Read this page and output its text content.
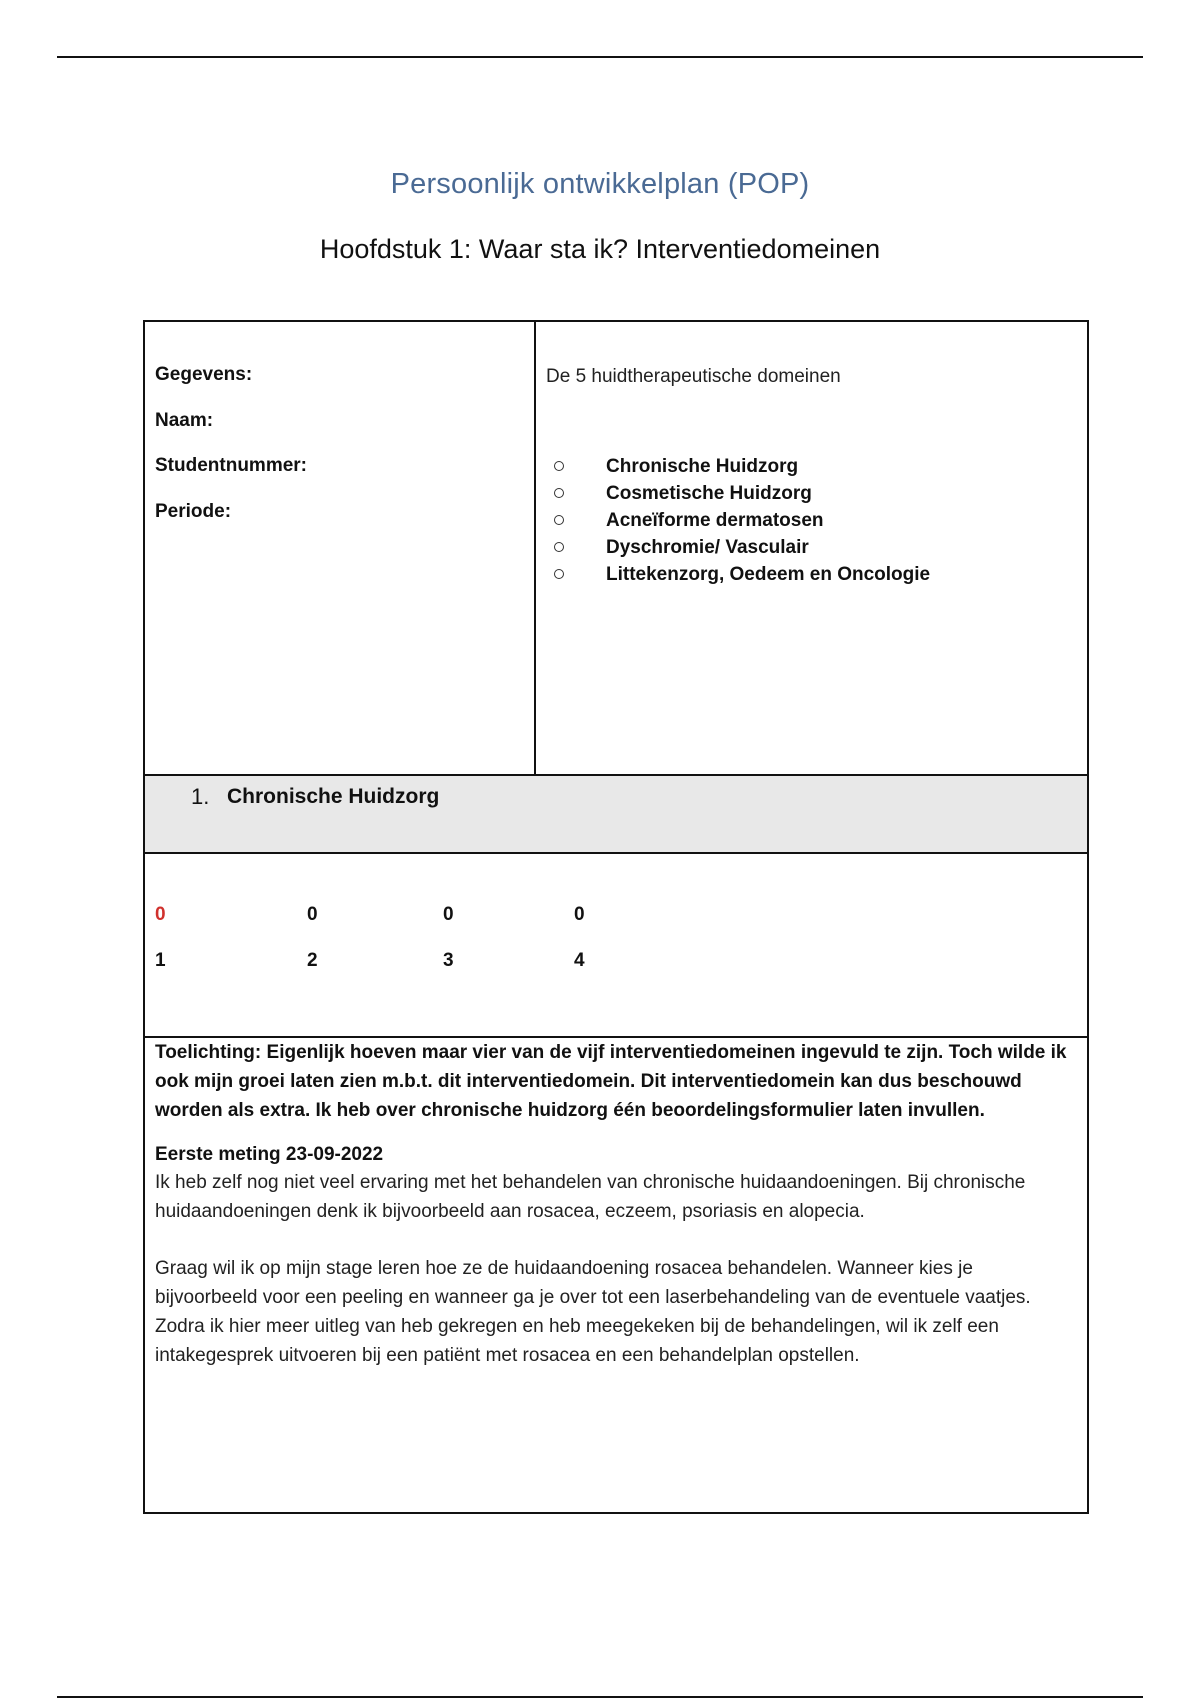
Persoonlijk ontwikkelplan (POP)
Hoofdstuk 1: Waar sta ik? Interventiedomeinen
Gegevens:
Naam:
Studentnummer:
Periode:
De 5 huidtherapeutische domeinen
Chronische Huidzorg
Cosmetische Huidzorg
Acneïforme dermatosen
Dyschromie/ Vasculair
Littekenzorg, Oedeem en Oncologie
1. Chronische Huidzorg
0	0	0	0
1	2	3	4
Toelichting: Eigenlijk hoeven maar vier van de vijf interventiedomeinen ingevuld te zijn. Toch wilde ik ook mijn groei laten zien m.b.t. dit interventiedomein. Dit interventiedomein kan dus beschouwd worden als extra. Ik heb over chronische huidzorg één beoordelingsformulier laten invullen.
Eerste meting 23-09-2022
Ik heb zelf nog niet veel ervaring met het behandelen van chronische huidaandoeningen. Bij chronische huidaandoeningen denk ik bijvoorbeeld aan rosacea, eczeem, psoriasis en alopecia.
Graag wil ik op mijn stage leren hoe ze de huidaandoening rosacea behandelen. Wanneer kies je bijvoorbeeld voor een peeling en wanneer ga je over tot een laserbehandeling van de eventuele vaatjes. Zodra ik hier meer uitleg van heb gekregen en heb meegekeken bij de behandelingen, wil ik zelf een intakegesprek uitvoeren bij een patiënt met rosacea en een behandelplan opstellen.
